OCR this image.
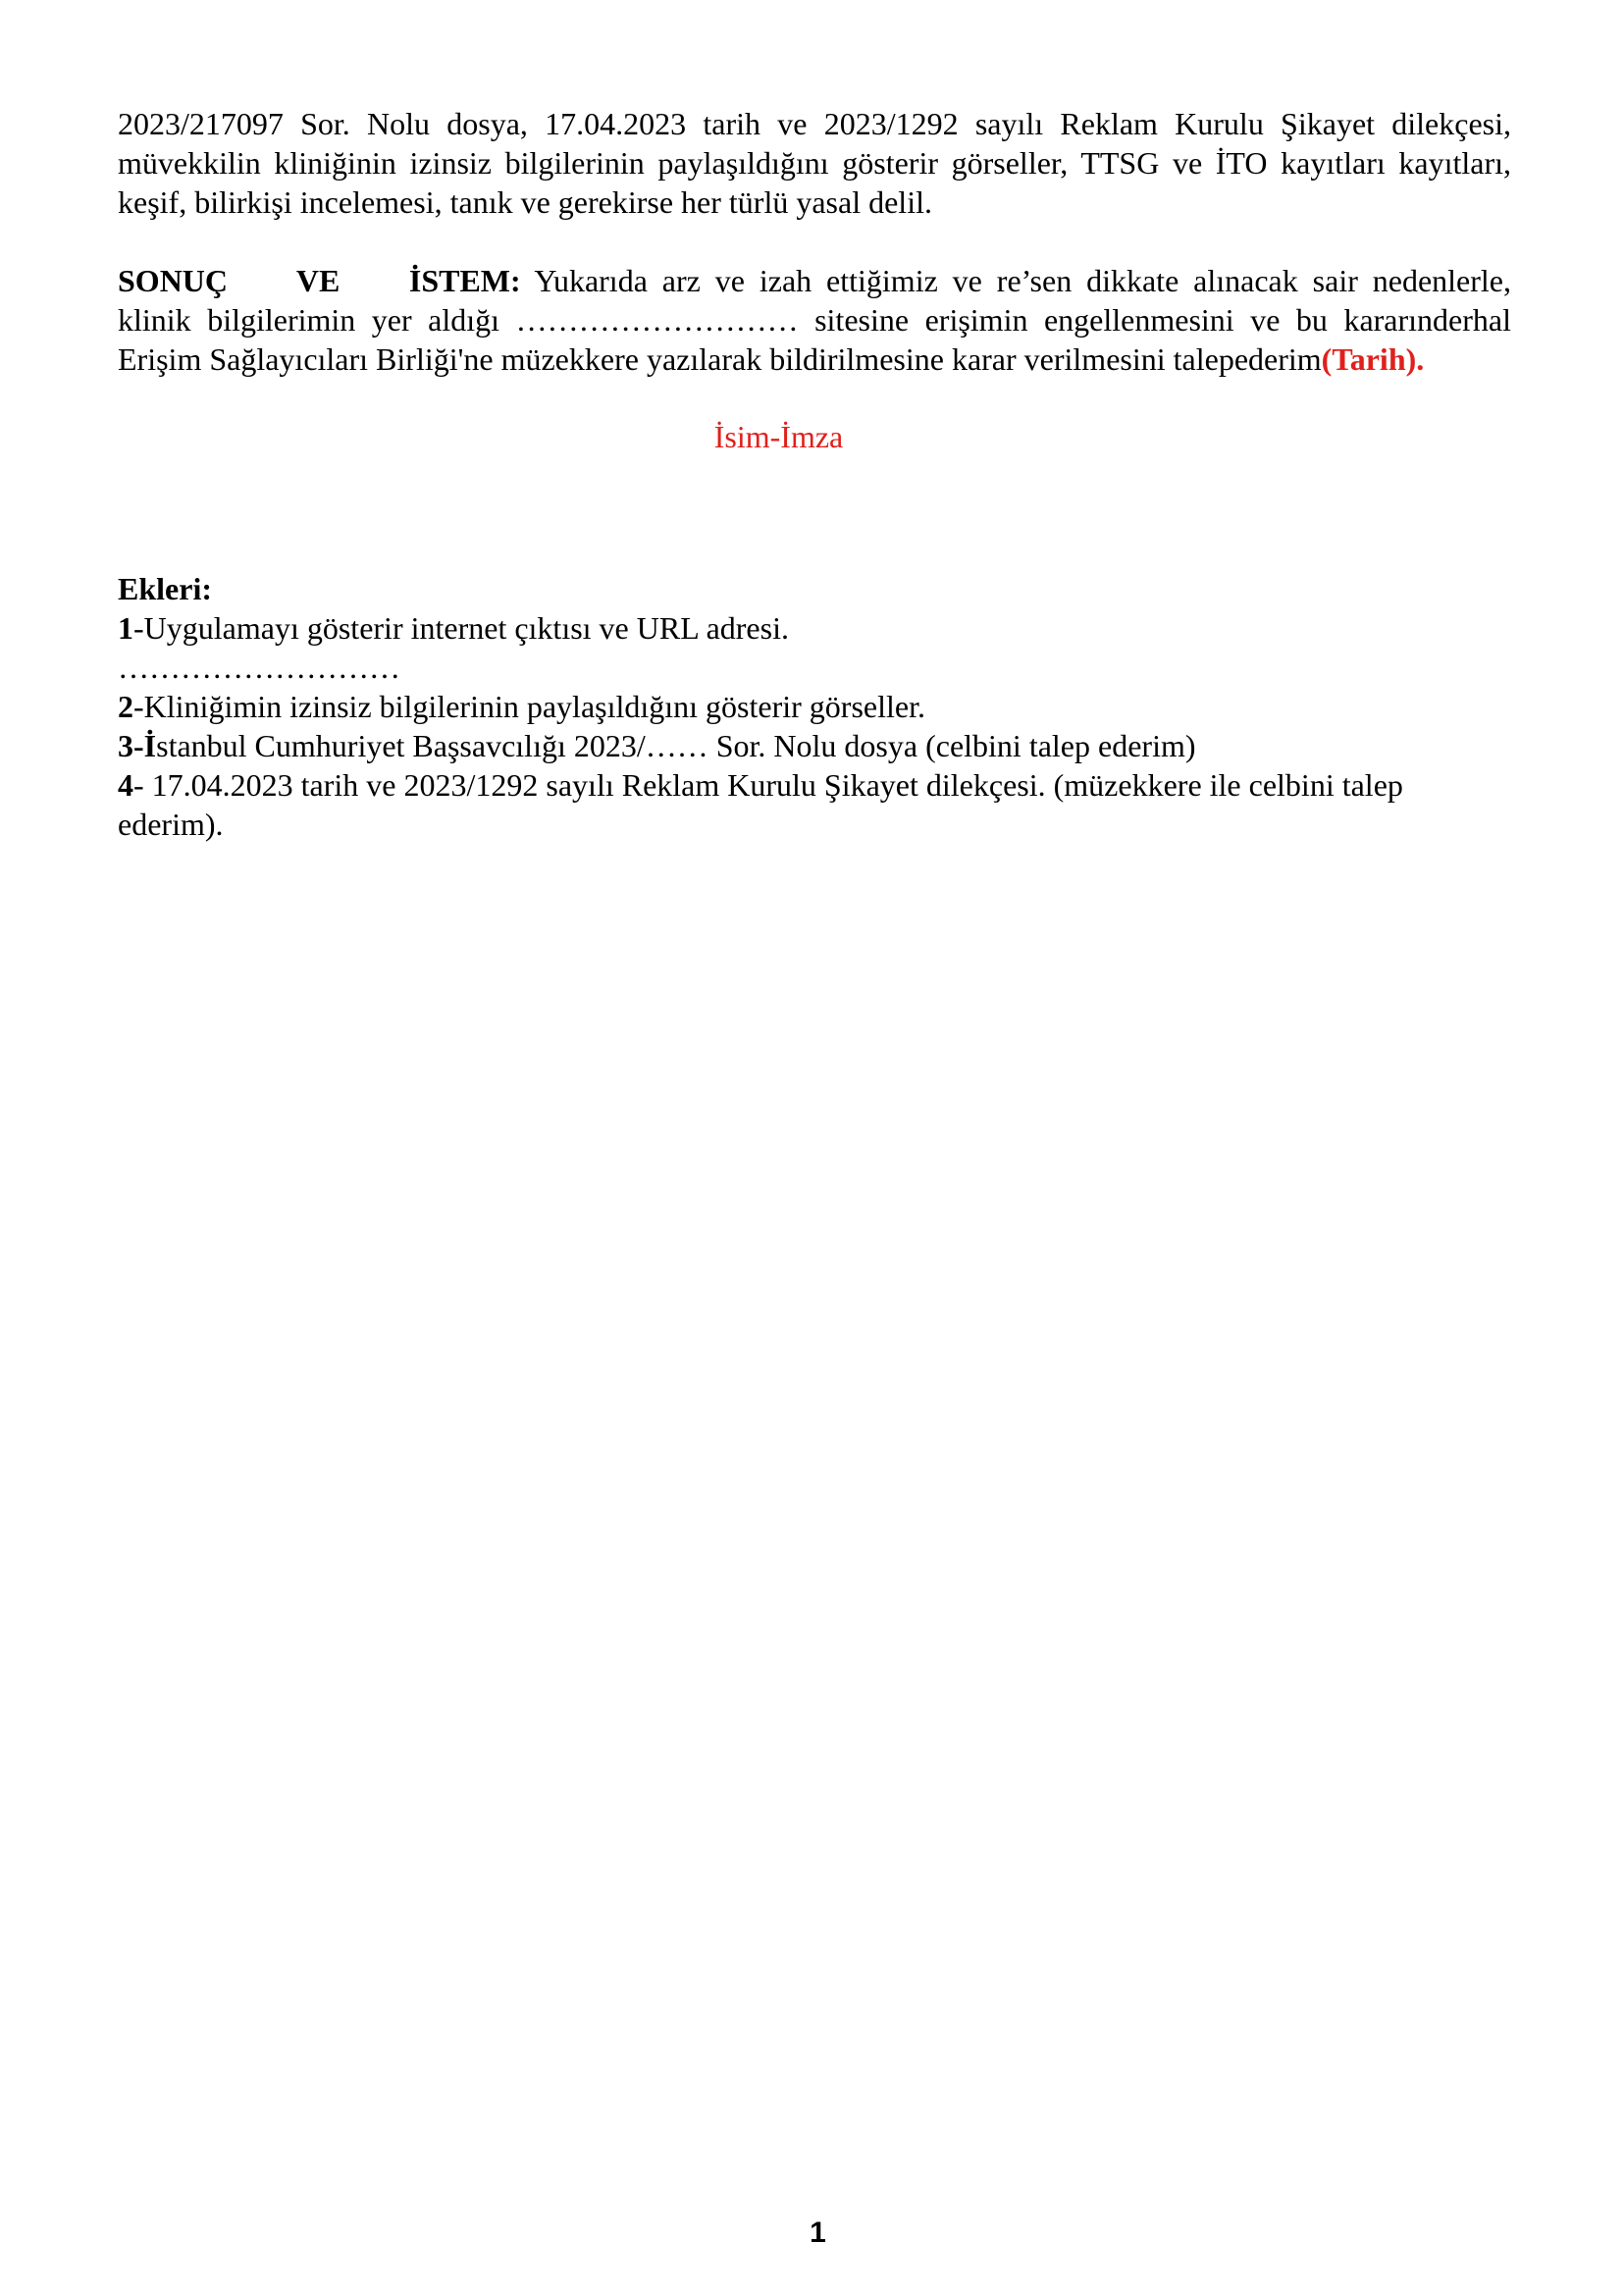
2023/217097 Sor. Nolu dosya, 17.04.2023 tarih ve 2023/1292 sayılı Reklam Kurulu Şikayet dilekçesi,
müvekkilin kliniğinin izinsiz bilgilerinin paylaşıldığını gösterir görseller, TTSG ve İTO kayıtları kayıtları,
keşif, bilirkişi incelemesi, tanık ve gerekirse her türlü yasal delil.
SONUÇ VE İSTEM: Yukarıda arz ve izah ettiğimiz ve re’sen dikkate alınacak sair nedenlerle,
klinik bilgilerimin yer aldığı ……………………… sitesine erişimin engellenmesini ve bu kararınderhal
Erişim Sağlayıcıları Birliği'ne müzekkere yazılarak bildirilmesine karar verilmesini talepederim(Tarih).
İsim-İmza
Ekleri:
1-Uygulamayı gösterir internet çıktısı ve URL adresi.
………………………
2-Kliniğimin izinsiz bilgilerinin paylaşıldığını gösterir görseller.
3-İstanbul Cumhuriyet Başsavcılığı 2023/…… Sor. Nolu dosya (celbini talep ederim)
4- 17.04.2023 tarih ve 2023/1292 sayılı Reklam Kurulu Şikayet dilekçesi. (müzekkere ile celbini talep
ederim).
1
